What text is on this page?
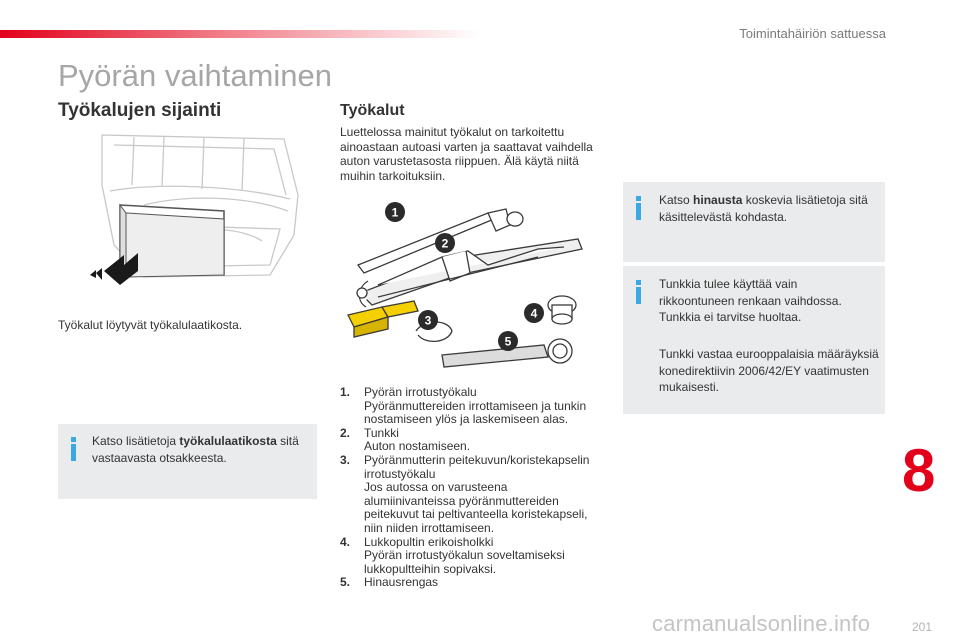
Toimintahäiriön sattuessa
Pyörän vaihtaminen
Työkalujen sijainti
Työkalut löytyvät työkalulaatikosta.
Katso lisätietoja työkalulaatikosta sitä vastaavasta otsakkeesta.
Työkalut
Luettelossa mainitut työkalut on tarkoitettu ainoastaan autoasi varten ja saattavat vaihdella auton varustetasosta riippuen. Älä käytä niitä muihin tarkoituksiin.
1
2
3	4
5
1. Pyörän irrotustyökalu
Pyöränmuttereiden irrottamiseen ja tunkin
nostamiseen ylös ja laskemiseen alas.
2. Tunkki
Auton nostamiseen.
3. Pyöränmutterin peitekuvun/koristekapselin
irrotustyökalu
Jos autossa on varusteena
alumiinivanteissa pyöränmuttereiden
peitekuvut tai peltivanteella koristekapseli,
niin niiden irrottamiseen.
4. Lukkopultin erikoisholkki
Pyörän irrotustyökalun soveltamiseksi
lukkopultteihin sopivaksi.
5. Hinausrengas
Katso hinausta koskevia lisätietoja sitä käsittelevästä kohdasta.
Tunkkia tulee käyttää vain rikkoontuneen renkaan vaihdossa. Tunkkia ei tarvitse huoltaa.
Tunkki vastaa eurooppalaisia määräyksiä konedirektiivin 2006/42/EY vaatimusten mukaisesti.
8
carmanualsonline.info	201
